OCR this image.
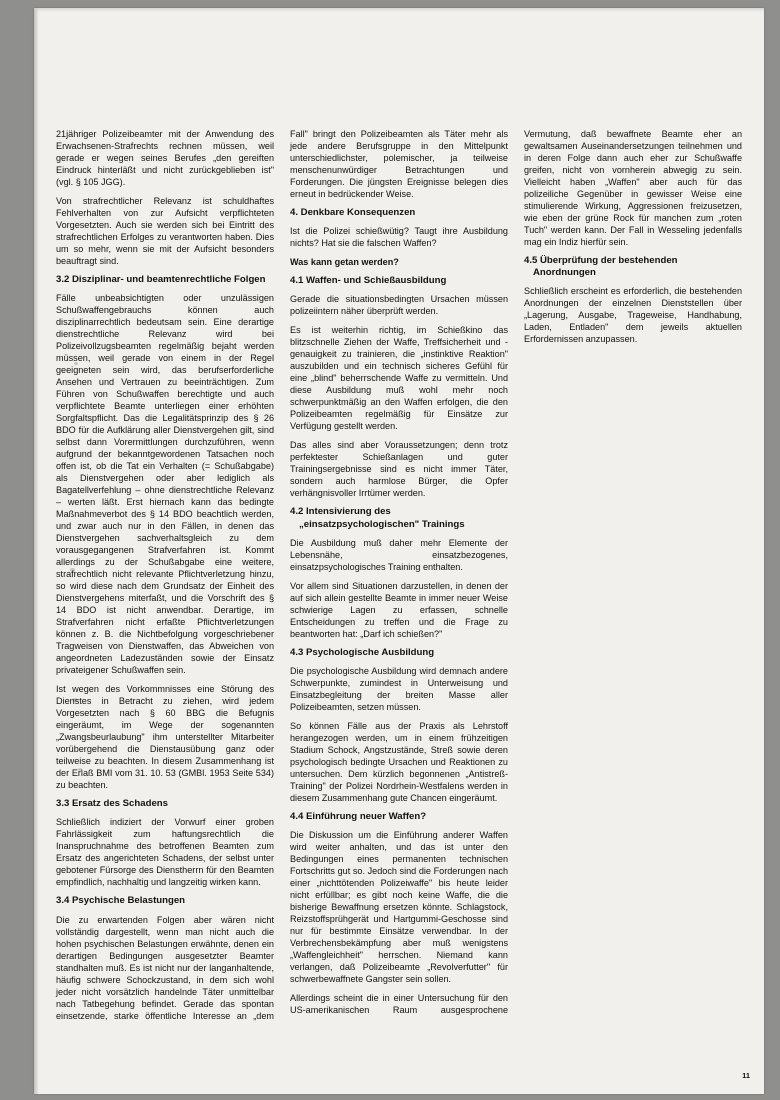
21jähriger Polizeibeamter mit der Anwendung des Erwachsenen-Strafrechts rechnen müssen, weil gerade er wegen seines Berufes „den gereiften Eindruck hinterläßt und nicht zurückgeblieben ist" (vgl. § 105 JGG).

Von strafrechtlicher Relevanz ist schuldhaftes Fehlverhalten von zur Aufsicht verpflichteten Vorgesetzten. Auch sie werden sich bei Eintritt des strafrechtlichen Erfolges zu verantworten haben. Dies um so mehr, wenn sie mit der Aufsicht besonders beauftragt sind.

3.2 Disziplinar- und beamtenrechtliche Folgen

Fälle unbeabsichtigten oder unzulässigen Schußwaffengebrauchs können auch disziplinarrechtlich bedeutsam sein. Eine derartige dienstrechtliche Relevanz wird bei Polizeivollzugsbeamten regelmäßig bejaht werden müssen, weil gerade von einem in der Regel geeigneten sein wird, das berufserforderliche Ansehen und Vertrauen zu beeinträchtigen. Zum Führen von Schußwaffen berechtigte und auch verpflichtete Beamte unterliegen einer erhöhten Sorgfaltspflicht. Das die Legalitätsprinzip des § 26 BDO für die Aufklärung aller Dienstvergehen gilt, sind selbst dann Vorermittlungen durchzuführen, wenn aufgrund der bekanntgewordenen Tatsachen noch offen ist, ob die Tat ein Verhalten (= Schußabgabe) als Dienstvergehen oder aber lediglich als Bagatellverfehlung – ohne dienstrechtliche Relevanz – werten läßt. Erst hiernach kann das bedingte Maßnahmeverbot des § 14 BDO beachtlich werden, und zwar auch nur in den Fällen, in denen das Dienstvergehen sachverhaltsgleich zu dem vorausgegangenen Strafverfahren ist. Kommt allerdings zu der Schußabgabe eine weitere, strafrechtlich nicht relevante Pflichtverletzung hinzu, so wird diese nach dem Grundsatz der Einheit des Dienstvergehens miterfaßt, und die Vorschrift des § 14 BDO ist nicht anwendbar. Derartige, im Strafverfahren nicht erfaßte Pflichtverletzungen können z. B. die Nichtbefolgung vorgeschriebener Tragweisen von Dienstwaffen, das Abweichen von angeordneten Ladezuständen sowie der Einsatz privateigener Schußwaffen sein.

Ist wegen des Vorkommnisses eine Störung des Dienstes in Betracht zu ziehen, wird jedem Vorgesetzten nach § 60 BBG die Befugnis eingeräumt, im Wege der sogenannten „Zwangsbeurlaubung" ihm unterstellter Mitarbeiter vorübergehend die Dienstausübung ganz oder teilweise zu beachten. In diesem Zusammenhang ist der Erlaß BMI vom 31. 10. 53 (GMBl. 1953 Seite 534) zu beachten.

3.3 Ersatz des Schadens

Schließlich indiziert der Vorwurf einer groben Fahrlässigkeit zum haftungsrechtlich die Inanspruchnahme des betroffenen Beamten zum Ersatz des angerichteten Schadens, der selbst unter gebotener Fürsorge des Dienstherrn für den Beamten empfindlich, nachhaltig und langzeitig wirken kann.

3.4 Psychische Belastungen

Die zu erwartenden Folgen aber wären nicht vollständig dargestellt, wenn man nicht auch die hohen psychischen Belastungen erwähnte, denen ein derartigen Bedingungen ausgesetzter Beamter standhalten muß. Es ist nicht nur der langanhaltende, häufig schwere Schockzustand, in dem sich wohl jeder nicht vorsätzlich handelnde Täter unmittelbar nach Tatbegehung befindet. Gerade das spontan einsetzende, starke öffentliche Interesse an „dem Fall" bringt den Polizeibeamten als Täter mehr als jede andere Berufsgruppe in den Mittelpunkt unterschiedlichster, polemischer, ja teilweise menschenunwürdiger Betrachtungen und Forderungen. Die jüngsten Ereignisse belegen dies erneut in bedrückender Weise.

4. Denkbare Konsequenzen

Ist die Polizei schießwütig? Taugt ihre Ausbildung nichts? Hat sie die falschen Waffen?

Was kann getan werden?

4.1 Waffen- und Schießausbildung

Gerade die situationsbedingten Ursachen müssen polizeiintern näher überprüft werden.

Es ist weiterhin richtig, im Schießkino das blitzschnelle Ziehen der Waffe, Treffsicherheit und -genauigkeit zu trainieren, die „instinktive Reaktion" auszubilden und ein technisch sicheres Gefühl für eine „blind" beherrschende Waffe zu vermitteln. Und diese Ausbildung muß wohl mehr noch schwerpunktmäßig an den Waffen erfolgen, die den Polizeibeamten regelmäßig für Einsätze zur Verfügung gestellt werden.

Das alles sind aber Voraussetzungen; denn trotz perfektester Schießanlagen und guter Trainingsergebnisse sind es nicht immer Täter, sondern auch harmlose Bürger, die Opfer verhängnisvoller Irrtümer werden.

4.2 Intensivierung des „einsatzpsychologischen" Trainings

Die Ausbildung muß daher mehr Elemente der Lebensnähe, einsatzbezogenes, einsatzpsychologisches Training enthalten.

Vor allem sind Situationen darzustellen, in denen der auf sich allein gestellte Beamte in immer neuer Weise schwierige Lagen zu erfassen, schnelle Entscheidungen zu treffen und die Frage zu beantworten hat: „Darf ich schießen?"

4.3 Psychologische Ausbildung

Die psychologische Ausbildung wird demnach andere Schwerpunkte, zumindest in Unterweisung und Einsatzbegleitung der breiten Masse aller Polizeibeamten, setzen müssen.

So können Fälle aus der Praxis als Lehrstoff herangezogen werden, um in einem frühzeitigen Stadium Schock, Angstzustände, Streß sowie deren psychologisch bedingte Ursachen und Reaktionen zu untersuchen. Dem kürzlich begonnenen „Antistreß-Training" der Polizei Nordrhein-Westfalens werden in diesem Zusammenhang gute Chancen eingeräumt.

4.4 Einführung neuer Waffen?

Die Diskussion um die Einführung anderer Waffen wird weiter anhalten, und das ist unter den Bedingungen eines permanenten technischen Fortschritts gut so. Jedoch sind die Forderungen nach einer „nichttötenden Polizeiwaffe" bis heute leider nicht erfüllbar; es gibt noch keine Waffe, die die bisherige Bewaffnung ersetzen könnte. Schlagstock, Reizstoffsprühgerät und Hartgummi-Geschosse sind nur für bestimmte Einsätze verwendbar. In der Verbrechensbekämpfung aber muß wenigstens „Waffengleichheit" herrschen. Niemand kann verlangen, daß Polizeibeamte „Revolverfutter" für schwerbewaffnete Gangster sein sollen.

Allerdings scheint die in einer Untersuchung für den US-amerikanischen Raum ausgesprochene Vermutung, daß bewaffnete Beamte eher an gewaltsamen Auseinandersetzungen teilnehmen und in deren Folge dann auch eher zur Schußwaffe greifen, nicht von vornherein abwegig zu sein. Vielleicht haben „Waffen" aber auch für das polizeiliche Gegenüber in gewisser Weise eine stimulierende Wirkung, Aggressionen freizusetzen, wie eben der grüne Rock für manchen zum „roten Tuch" werden kann. Der Fall in Wesseling jedenfalls mag ein Indiz hierfür sein.

4.5 Überprüfung der bestehenden Anordnungen

Schließlich erscheint es erforderlich, die bestehenden Anordnungen der einzelnen Dienststellen über „Lagerung, Ausgabe, Trageweise, Handhabung, Laden, Entladen" dem jeweils aktuellen Erfordernissen anzupassen.

11
